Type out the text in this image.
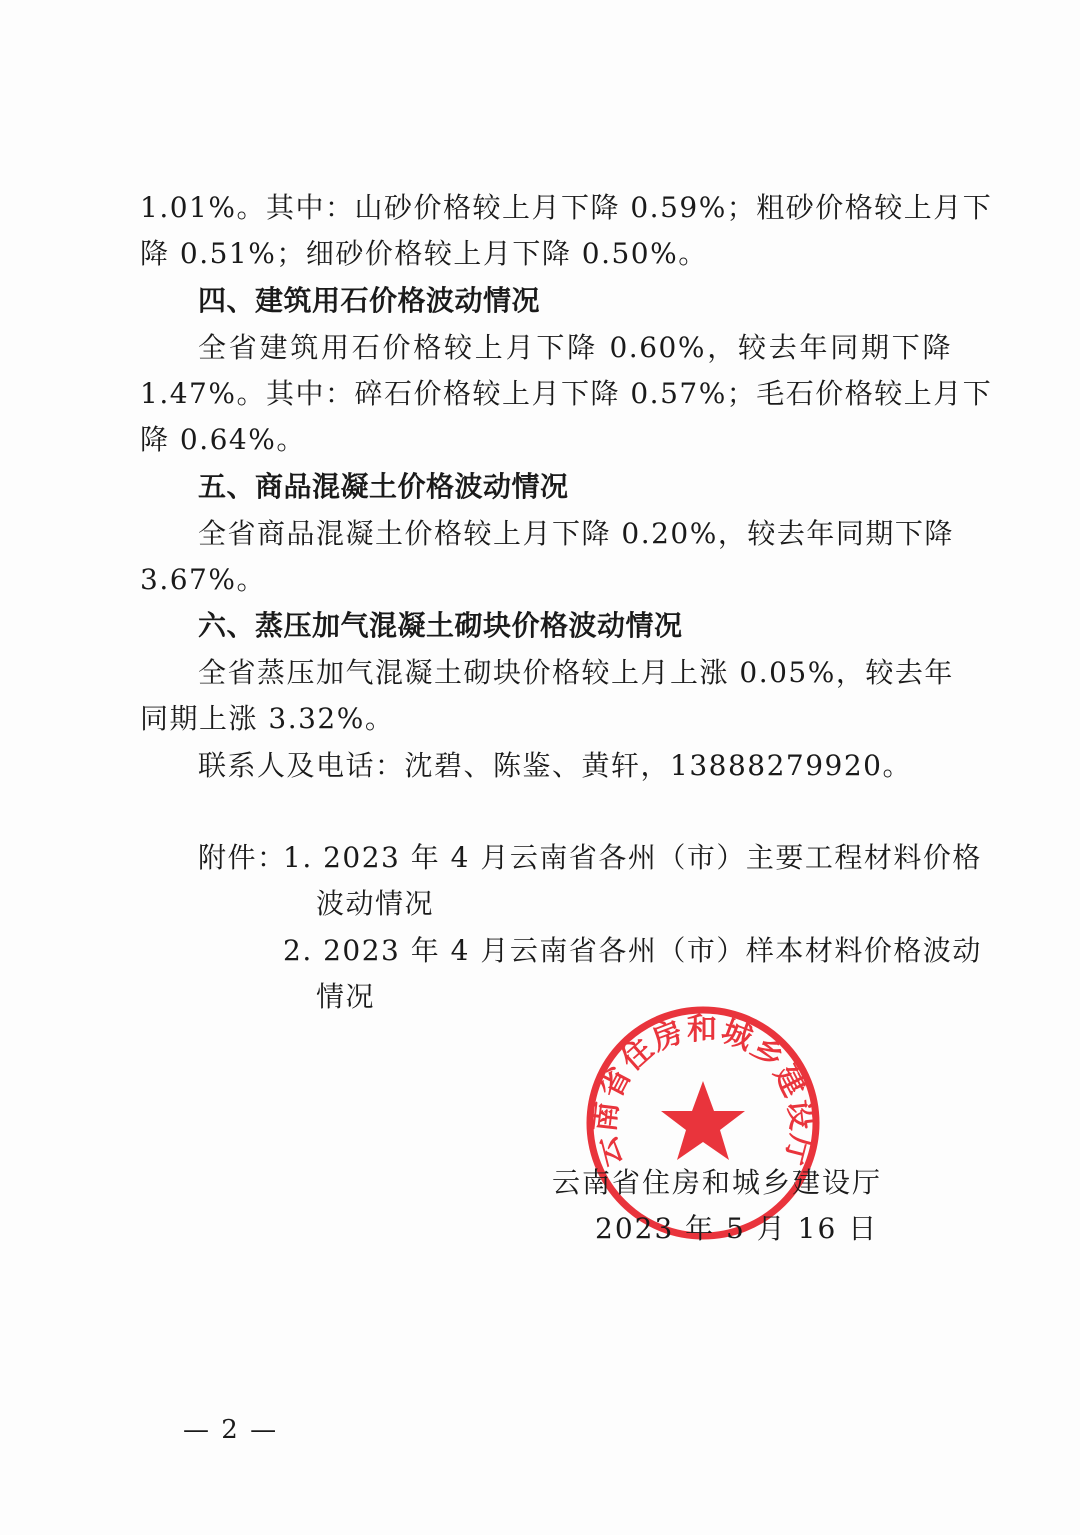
1.01%。其中：山砂价格较上月下降 0.59%；粗砂价格较上月下
降 0.51%；细砂价格较上月下降 0.50%。
四、建筑用石价格波动情况
全省建筑用石价格较上月下降 0.60%，较去年同期下降
1.47%。其中：碎石价格较上月下降 0.57%；毛石价格较上月下
降 0.64%。
五、商品混凝土价格波动情况
全省商品混凝土价格较上月下降 0.20%，较去年同期下降
3.67%。
六、蒸压加气混凝土砌块价格波动情况
全省蒸压加气混凝土砌块价格较上月上涨 0.05%，较去年
同期上涨 3.32%。
联系人及电话：沈碧、陈鉴、黄轩，13888279920。
附件：
1. 2023 年 4 月云南省各州（市）主要工程材料价格
波动情况
2. 2023 年 4 月云南省各州（市）样本材料价格波动
情况
云南省住房和城乡建设厅
云南省住房和城乡建设厅
2023 年 5 月 16 日
— 2 —
